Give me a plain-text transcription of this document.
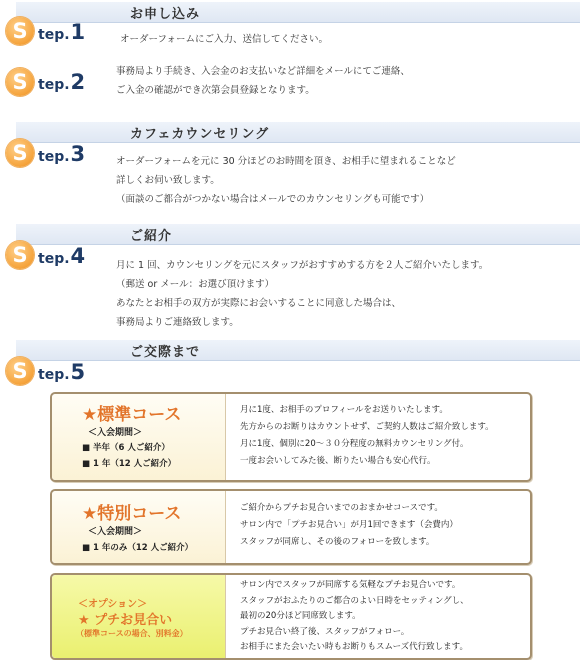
お申し込み
S tep.1	オーダーフォームにご入力、送信してください。
S tep.2	事務局より手続き、入会金のお支払いなど詳細をメールにてご連絡、
ご入金の確認ができ次第会員登録となります。
カフェカウンセリング
S tep.3	オーダーフォームを元に 30 分ほどのお時間を頂き、お相手に望まれることなど
詳しくお伺い致します。
（面談のご都合がつかない場合はメールでのカウンセリングも可能です）
ご紹介
S tep.4	月に 1 回、カウンセリングを元にスタッフがおすすめする方を２人ご紹介いたします。
（郵送 or メール：お選び頂けます）
あなたとお相手の双方が実際にお会いすることに同意した場合は、
事務局よりご連絡致します。
ご交際まで
S tep.5
★標準コース
＜入会期間＞
■ 半年（6 人ご紹介）
■ 1 年（12 人ご紹介）
月に1度、お相手のプロフィールをお送りいたします。
先方からのお断りはカウントせず、ご契約人数はご紹介致します。
月に1度、個別に20～３０分程度の無料カウンセリング付。
一度お会いしてみた後、断りたい場合も安心代行。
★特別コース
＜入会期間＞
■ 1 年のみ（12 人ご紹介）
ご紹介からプチお見合いまでのおまかせコースです。
サロン内で「プチお見合い」が月1回できます（会費内）
スタッフが同席し、その後のフォローを致します。
＜オプション＞
★ プチお見合い
（標準コースの場合、別料金）
サロン内でスタッフが同席する気軽なプチお見合いです。
スタッフがおふたりのご都合のよい日時をセッティングし、
最初の20分ほど同席致します。
プチお見合い終了後、スタッフがフォロー。
お相手にまた会いたい時もお断りもスムーズ代行致します。
